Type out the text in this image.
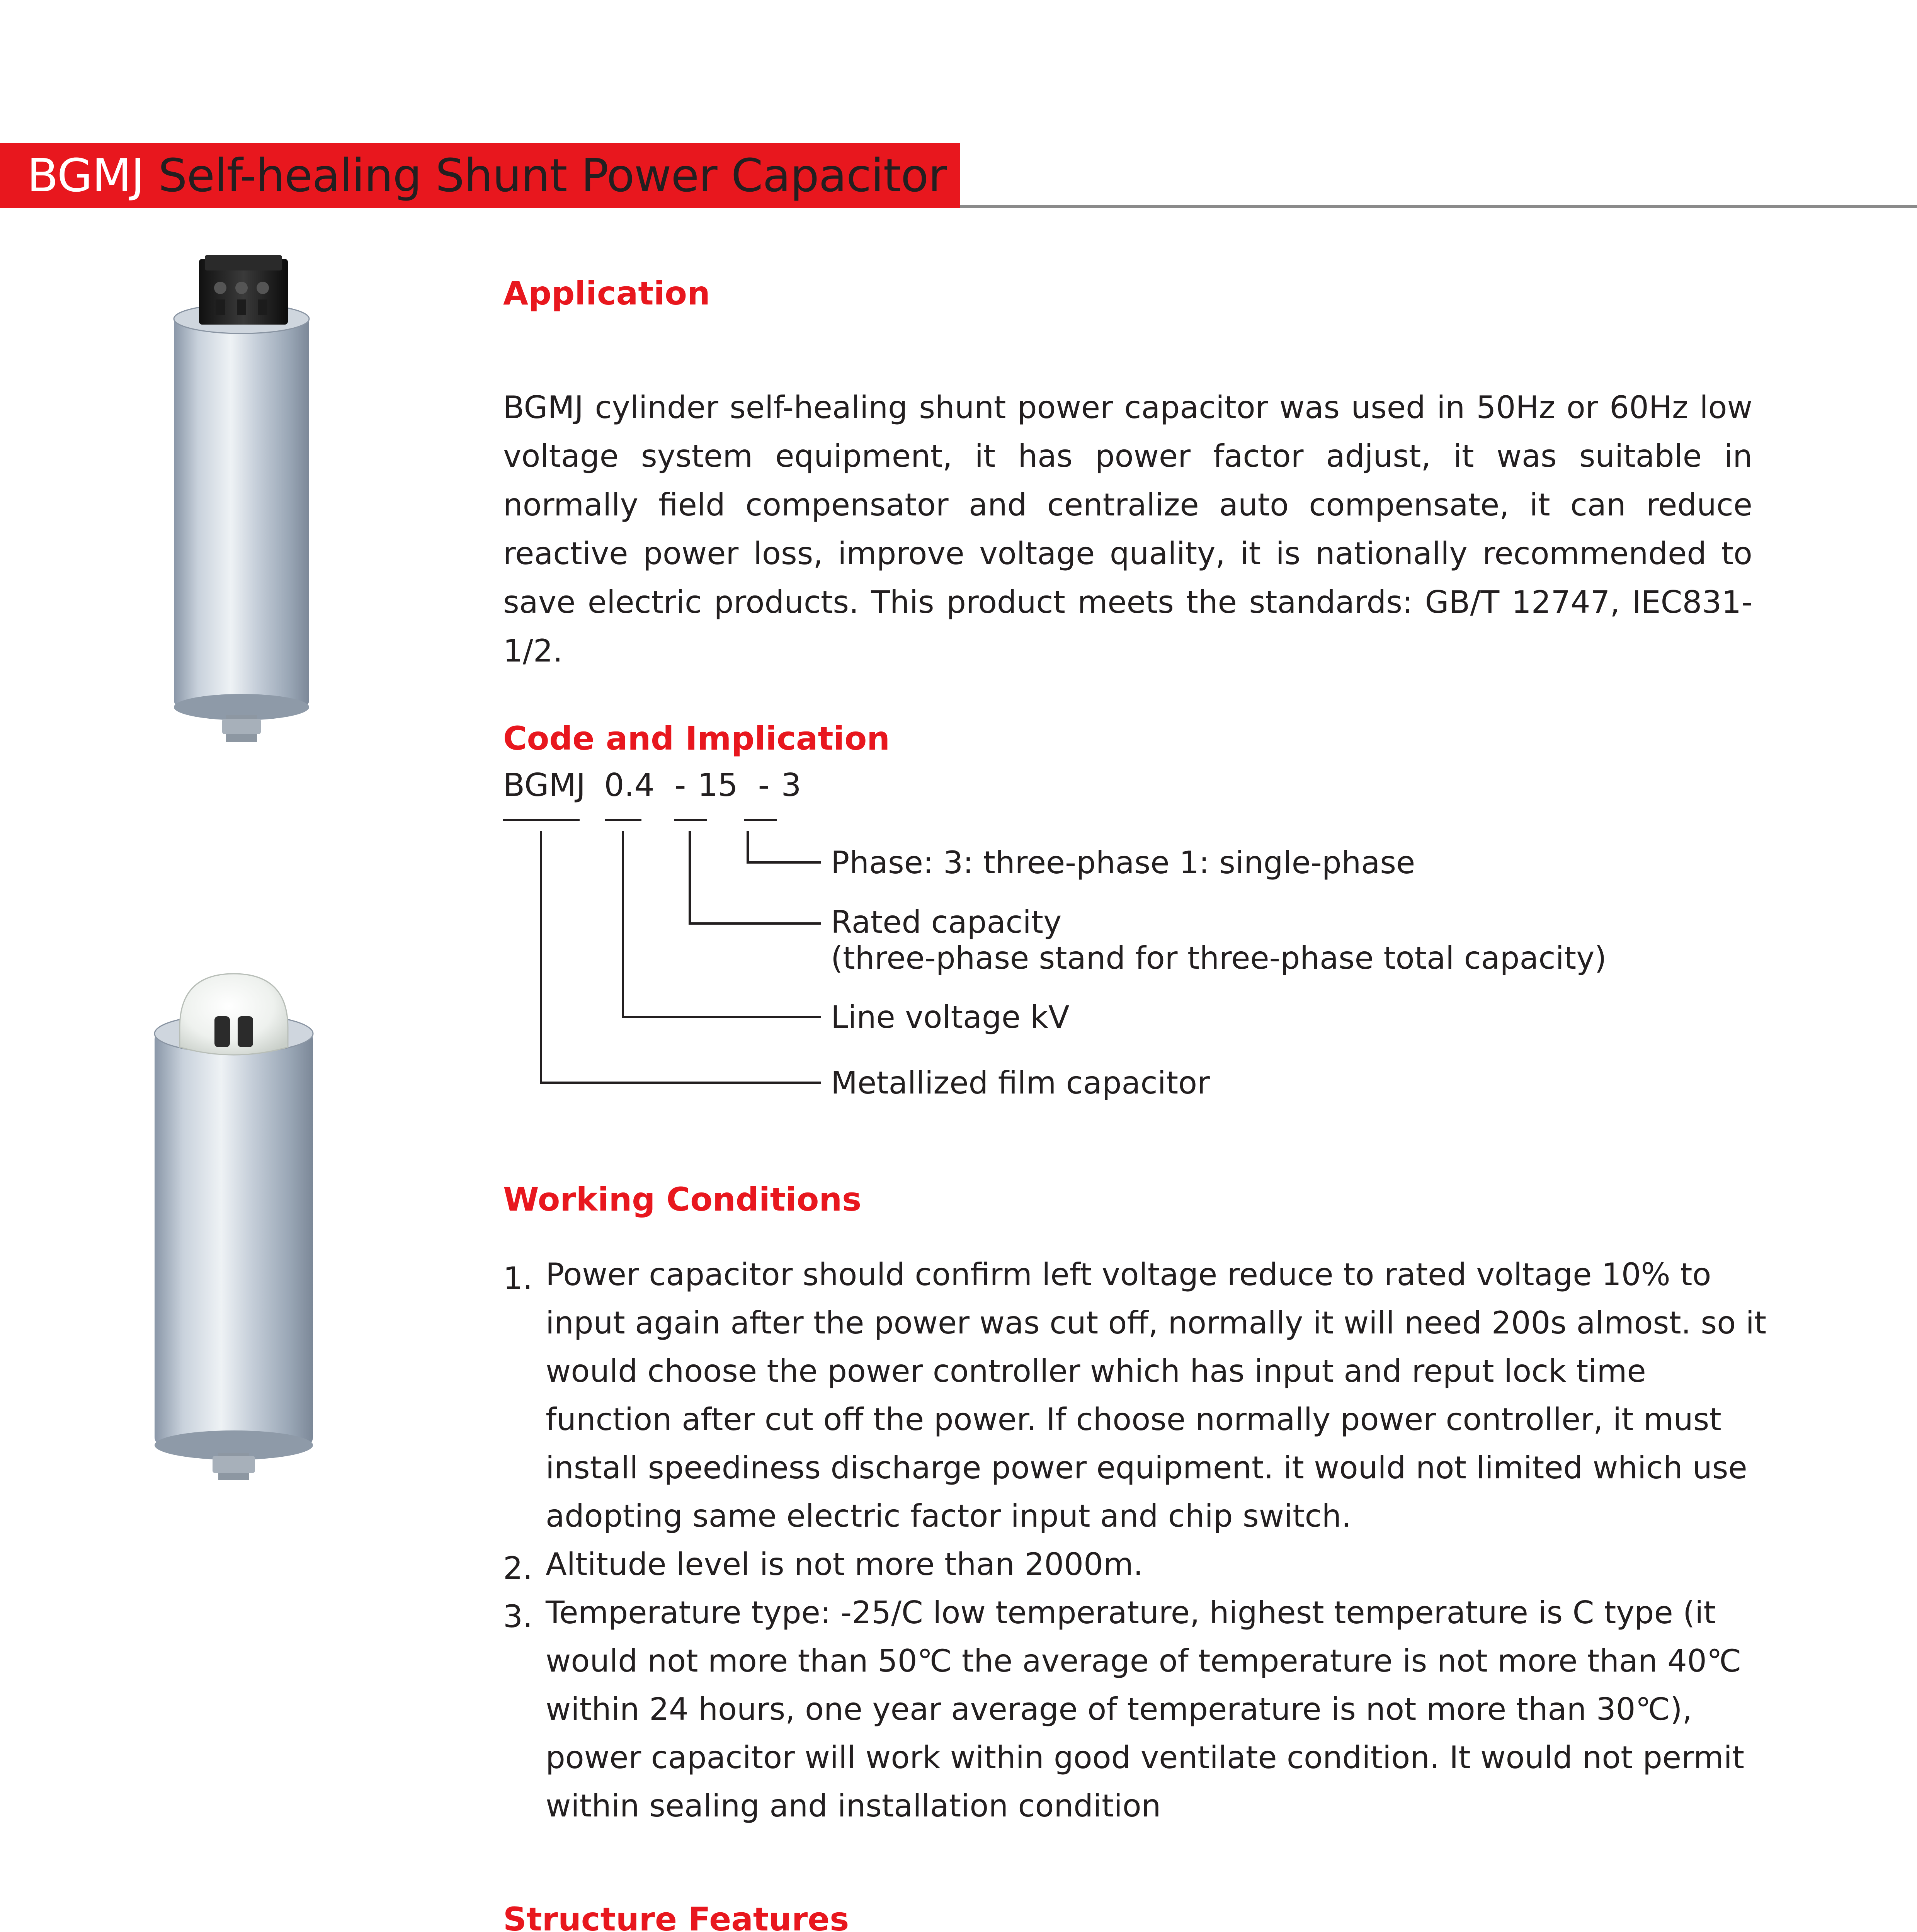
BGMJ Self-healing Shunt Power Capacitor
Application

BGMJ cylinder self-healing shunt power capacitor was used in 50Hz or 60Hz low voltage system equipment, it has power factor adjust, it was suitable in normally field compensator and centralize auto compensate, it can reduce reactive power loss, improve voltage quality, it is nationally recommended to save electric products. This product meets the standards: GB/T 12747, IEC831-1/2.

Code and Implication
BGMJ 0.4 - 15 - 3
Phase: 3: three-phase 1: single-phase
Rated capacity
(three-phase stand for three-phase total capacity)
Line voltage kV
Metallized film capacitor
Working Conditions
1. Power capacitor should confirm left voltage reduce to rated voltage 10% to input again after the power was cut off, normally it will need 200s almost. so it would choose the power controller which has input and reput lock time function after cut off the power. If choose normally power controller, it must install speediness discharge power equipment. it would not limited which use adopting same electric factor input and chip switch.
2. Altitude level is not more than 2000m.
3. Temperature type: -25/C low temperature, highest temperature is C type (it would not more than 50℃ the average of temperature is not more than 40℃ within 24 hours, one year average of temperature is not more than 30℃), power capacitor will work within good ventilate condition. It would not permit within sealing and installation condition
Structure Features
